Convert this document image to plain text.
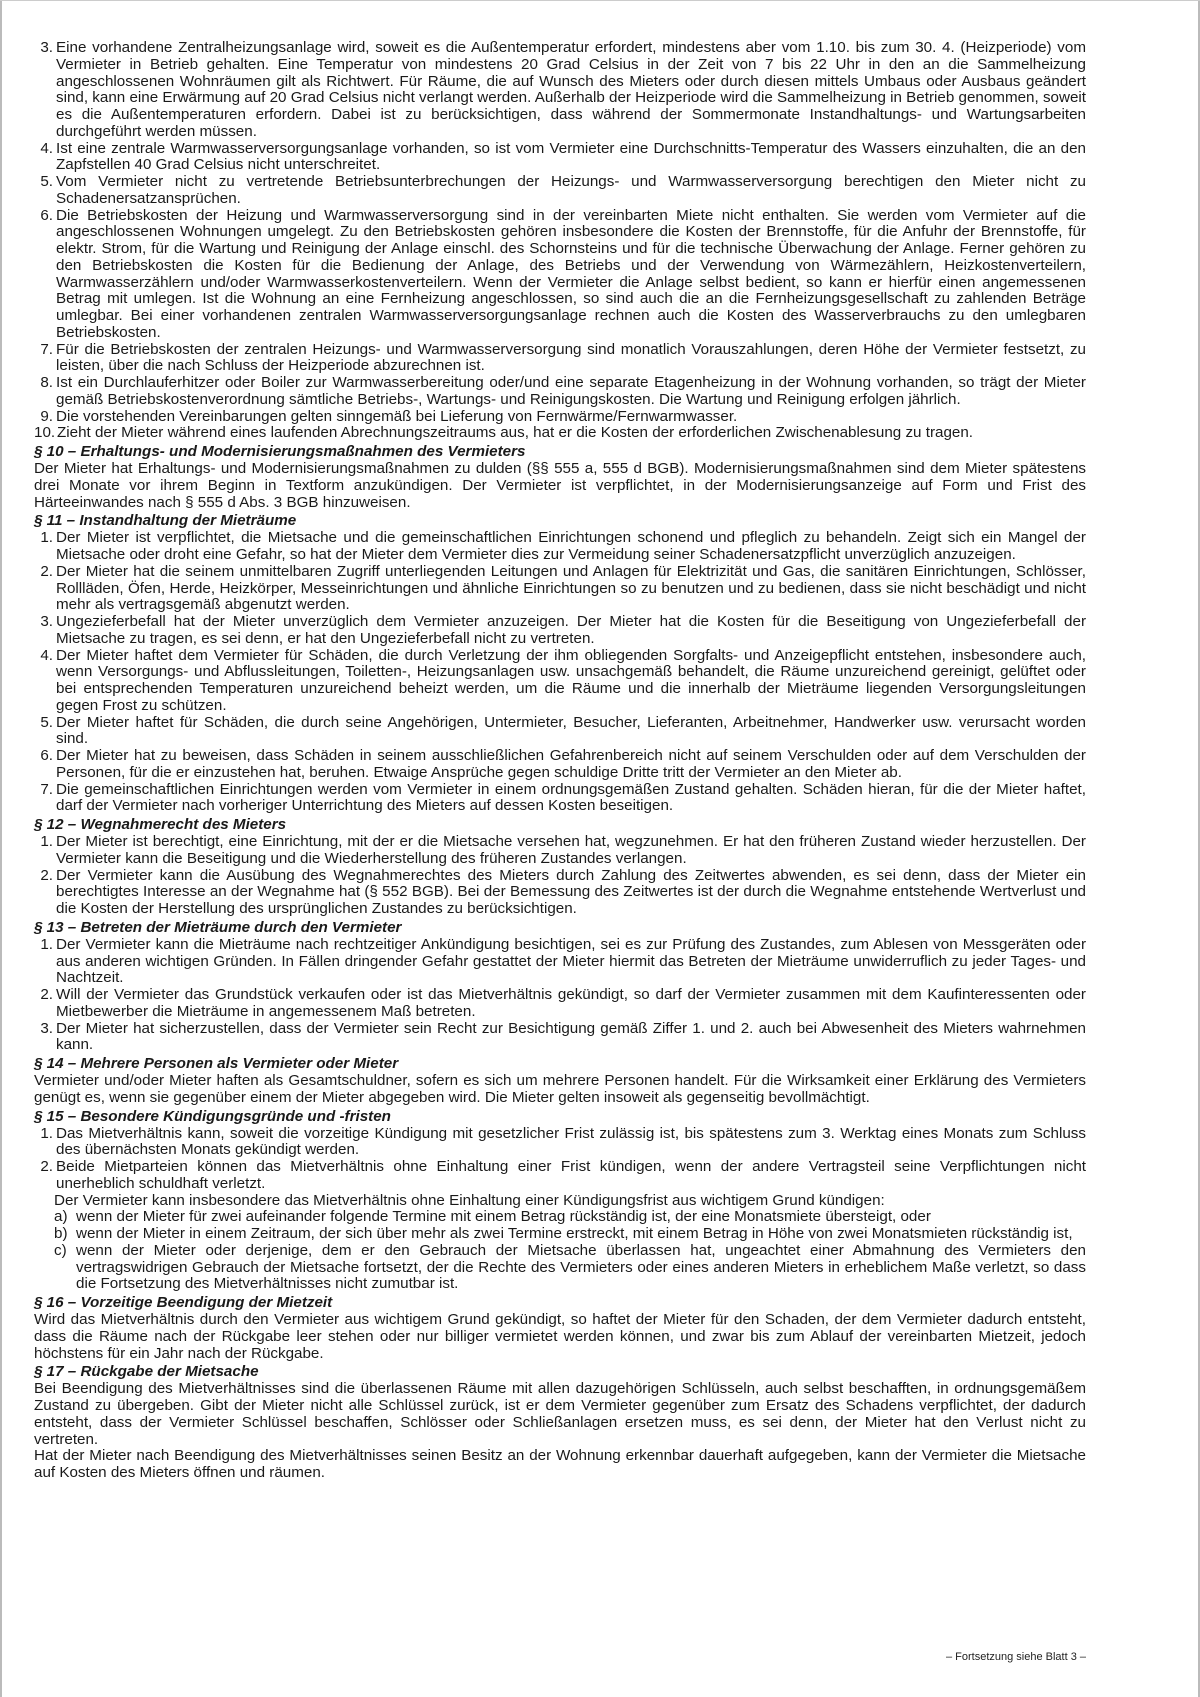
3. Eine vorhandene Zentralheizungsanlage wird, soweit es die Außentemperatur erfordert, mindestens aber vom 1.10. bis zum 30. 4. (Heizperiode) vom Vermieter in Betrieb gehalten. Eine Temperatur von mindestens 20 Grad Celsius in der Zeit von 7 bis 22 Uhr in den an die Sammelheizung angeschlossenen Wohnräumen gilt als Richtwert. Für Räume, die auf Wunsch des Mieters oder durch diesen mittels Umbaus oder Ausbaus geändert sind, kann eine Erwärmung auf 20 Grad Celsius nicht verlangt werden. Außerhalb der Heizperiode wird die Sammelheizung in Betrieb genommen, soweit es die Außentemperaturen erfordern. Dabei ist zu berücksichtigen, dass während der Sommermonate Instandhaltungs- und Wartungsarbeiten durchgeführt werden müssen.
4. Ist eine zentrale Warmwasserversorgungsanlage vorhanden, so ist vom Vermieter eine Durchschnitts-Temperatur des Wassers einzuhalten, die an den Zapfstellen 40 Grad Celsius nicht unterschreitet.
5. Vom Vermieter nicht zu vertretende Betriebsunterbrechungen der Heizungs- und Warmwasserversorgung berechtigen den Mieter nicht zu Schadenersatzansprüchen.
6. Die Betriebskosten der Heizung und Warmwasserversorgung sind in der vereinbarten Miete nicht enthalten. Sie werden vom Vermieter auf die angeschlossenen Wohnungen umgelegt. Zu den Betriebskosten gehören insbesondere die Kosten der Brennstoffe, für die Anfuhr der Brennstoffe, für elektr. Strom, für die Wartung und Reinigung der Anlage einschl. des Schornsteins und für die technische Überwachung der Anlage. Ferner gehören zu den Betriebskosten die Kosten für die Bedienung der Anlage, des Betriebs und der Verwendung von Wärmezählern, Heizkostenverteilern, Warmwasserzählern und/oder Warmwasserkostenverteilern. Wenn der Vermieter die Anlage selbst bedient, so kann er hierfür einen angemessenen Betrag mit umlegen. Ist die Wohnung an eine Fernheizung angeschlossen, so sind auch die an die Fernheizungsgesellschaft zu zahlenden Beträge umlegbar. Bei einer vorhandenen zentralen Warmwasserversorgungsanlage rechnen auch die Kosten des Wasserverbrauchs zu den umlegbaren Betriebskosten.
7. Für die Betriebskosten der zentralen Heizungs- und Warmwasserversorgung sind monatlich Vorauszahlungen, deren Höhe der Vermieter festsetzt, zu leisten, über die nach Schluss der Heizperiode abzurechnen ist.
8. Ist ein Durchlauferhitzer oder Boiler zur Warmwasserbereitung oder/und eine separate Etagenheizung in der Wohnung vorhanden, so trägt der Mieter gemäß Betriebskostenverordnung sämtliche Betriebs-, Wartungs- und Reinigungskosten. Die Wartung und Reinigung erfolgen jährlich.
9. Die vorstehenden Vereinbarungen gelten sinngemäß bei Lieferung von Fernwärme/Fernwarmwasser.
10. Zieht der Mieter während eines laufenden Abrechnungszeitraums aus, hat er die Kosten der erforderlichen Zwischenablesung zu tragen.
§ 10 – Erhaltungs- und Modernisierungsmaßnahmen des Vermieters

Der Mieter hat Erhaltungs- und Modernisierungsmaßnahmen zu dulden (§§ 555 a, 555 d BGB). Modernisierungsmaßnahmen sind dem Mieter spätestens drei Monate vor ihrem Beginn in Textform anzukündigen. Der Vermieter ist verpflichtet, in der Modernisierungsanzeige auf Form und Frist des Härteeinwandes nach § 555 d Abs. 3 BGB hinzuweisen.

§ 11 – Instandhaltung der Mieträume
1. Der Mieter ist verpflichtet, die Mietsache und die gemeinschaftlichen Einrichtungen schonend und pfleglich zu behandeln. Zeigt sich ein Mangel der Mietsache oder droht eine Gefahr, so hat der Mieter dem Vermieter dies zur Vermeidung seiner Schadenersatzpflicht unverzüglich anzuzeigen.
2. Der Mieter hat die seinem unmittelbaren Zugriff unterliegenden Leitungen und Anlagen für Elektrizität und Gas, die sanitären Einrichtungen, Schlösser, Rollläden, Öfen, Herde, Heizkörper, Messeinrichtungen und ähnliche Einrichtungen so zu benutzen und zu bedienen, dass sie nicht beschädigt und nicht mehr als vertragsgemäß abgenutzt werden.
3. Ungezieferbefall hat der Mieter unverzüglich dem Vermieter anzuzeigen. Der Mieter hat die Kosten für die Beseitigung von Ungezieferbefall der Mietsache zu tragen, es sei denn, er hat den Ungezieferbefall nicht zu vertreten.
4. Der Mieter haftet dem Vermieter für Schäden, die durch Verletzung der ihm obliegenden Sorgfalts- und Anzeigepflicht entstehen, insbesondere auch, wenn Versorgungs- und Abflussleitungen, Toiletten-, Heizungsanlagen usw. unsachgemäß behandelt, die Räume unzureichend gereinigt, gelüftet oder bei entsprechenden Temperaturen unzureichend beheizt werden, um die Räume und die innerhalb der Mieträume liegenden Versorgungsleitungen gegen Frost zu schützen.
5. Der Mieter haftet für Schäden, die durch seine Angehörigen, Untermieter, Besucher, Lieferanten, Arbeitnehmer, Handwerker usw. verursacht worden sind.
6. Der Mieter hat zu beweisen, dass Schäden in seinem ausschließlichen Gefahrenbereich nicht auf seinem Verschulden oder auf dem Verschulden der Personen, für die er einzustehen hat, beruhen. Etwaige Ansprüche gegen schuldige Dritte tritt der Vermieter an den Mieter ab.
7. Die gemeinschaftlichen Einrichtungen werden vom Vermieter in einem ordnungsgemäßen Zustand gehalten. Schäden hieran, für die der Mieter haftet, darf der Vermieter nach vorheriger Unterrichtung des Mieters auf dessen Kosten beseitigen.
§ 12 – Wegnahmerecht des Mieters
1. Der Mieter ist berechtigt, eine Einrichtung, mit der er die Mietsache versehen hat, wegzunehmen. Er hat den früheren Zustand wieder herzustellen. Der Vermieter kann die Beseitigung und die Wiederherstellung des früheren Zustandes verlangen.
2. Der Vermieter kann die Ausübung des Wegnahmerechtes des Mieters durch Zahlung des Zeitwertes abwenden, es sei denn, dass der Mieter ein berechtigtes Interesse an der Wegnahme hat (§ 552 BGB). Bei der Bemessung des Zeitwertes ist der durch die Wegnahme entstehende Wertverlust und die Kosten der Herstellung des ursprünglichen Zustandes zu berücksichtigen.
§ 13 – Betreten der Mieträume durch den Vermieter
1. Der Vermieter kann die Mieträume nach rechtzeitiger Ankündigung besichtigen, sei es zur Prüfung des Zustandes, zum Ablesen von Messgeräten oder aus anderen wichtigen Gründen. In Fällen dringender Gefahr gestattet der Mieter hiermit das Betreten der Mieträume unwiderruflich zu jeder Tages- und Nachtzeit.
2. Will der Vermieter das Grundstück verkaufen oder ist das Mietverhältnis gekündigt, so darf der Vermieter zusammen mit dem Kaufinteressenten oder Mietbewerber die Mieträume in angemessenem Maß betreten.
3. Der Mieter hat sicherzustellen, dass der Vermieter sein Recht zur Besichtigung gemäß Ziffer 1. und 2. auch bei Abwesenheit des Mieters wahrnehmen kann.
§ 14 – Mehrere Personen als Vermieter oder Mieter

Vermieter und/oder Mieter haften als Gesamtschuldner, sofern es sich um mehrere Personen handelt. Für die Wirksamkeit einer Erklärung des Vermieters genügt es, wenn sie gegenüber einem der Mieter abgegeben wird. Die Mieter gelten insoweit als gegenseitig bevollmächtigt.

§ 15 – Besondere Kündigungsgründe und -fristen
1. Das Mietverhältnis kann, soweit die vorzeitige Kündigung mit gesetzlicher Frist zulässig ist, bis spätestens zum 3. Werktag eines Monats zum Schluss des übernächsten Monats gekündigt werden.
2. Beide Mietparteien können das Mietverhältnis ohne Einhaltung einer Frist kündigen, wenn der andere Vertragsteil seine Verpflichtungen nicht unerheblich schuldhaft verletzt.

Der Vermieter kann insbesondere das Mietverhältnis ohne Einhaltung einer Kündigungsfrist aus wichtigem Grund kündigen:

a) wenn der Mieter für zwei aufeinander folgende Termine mit einem Betrag rückständig ist, der eine Monatsmiete übersteigt, oder
b) wenn der Mieter in einem Zeitraum, der sich über mehr als zwei Termine erstreckt, mit einem Betrag in Höhe von zwei Monatsmieten rückständig ist,
c) wenn der Mieter oder derjenige, dem er den Gebrauch der Mietsache überlassen hat, ungeachtet einer Abmahnung des Vermieters den vertragswidrigen Gebrauch der Mietsache fortsetzt, der die Rechte des Vermieters oder eines anderen Mieters in erheblichem Maße verletzt, so dass die Fortsetzung des Mietverhältnisses nicht zumutbar ist.
§ 16 – Vorzeitige Beendigung der Mietzeit

Wird das Mietverhältnis durch den Vermieter aus wichtigem Grund gekündigt, so haftet der Mieter für den Schaden, der dem Vermieter dadurch entsteht, dass die Räume nach der Rückgabe leer stehen oder nur billiger vermietet werden können, und zwar bis zum Ablauf der vereinbarten Mietzeit, jedoch höchstens für ein Jahr nach der Rückgabe.

§ 17 – Rückgabe der Mietsache

Bei Beendigung des Mietverhältnisses sind die überlassenen Räume mit allen dazugehörigen Schlüsseln, auch selbst beschafften, in ordnungsgemäßem Zustand zu übergeben. Gibt der Mieter nicht alle Schlüssel zurück, ist er dem Vermieter gegenüber zum Ersatz des Schadens verpflichtet, der dadurch entsteht, dass der Vermieter Schlüssel beschaffen, Schlösser oder Schließanlagen ersetzen muss, es sei denn, der Mieter hat den Verlust nicht zu vertreten.

Hat der Mieter nach Beendigung des Mietverhältnisses seinen Besitz an der Wohnung erkennbar dauerhaft aufgegeben, kann der Vermieter die Mietsache auf Kosten des Mieters öffnen und räumen.

– Fortsetzung siehe Blatt 3 –
